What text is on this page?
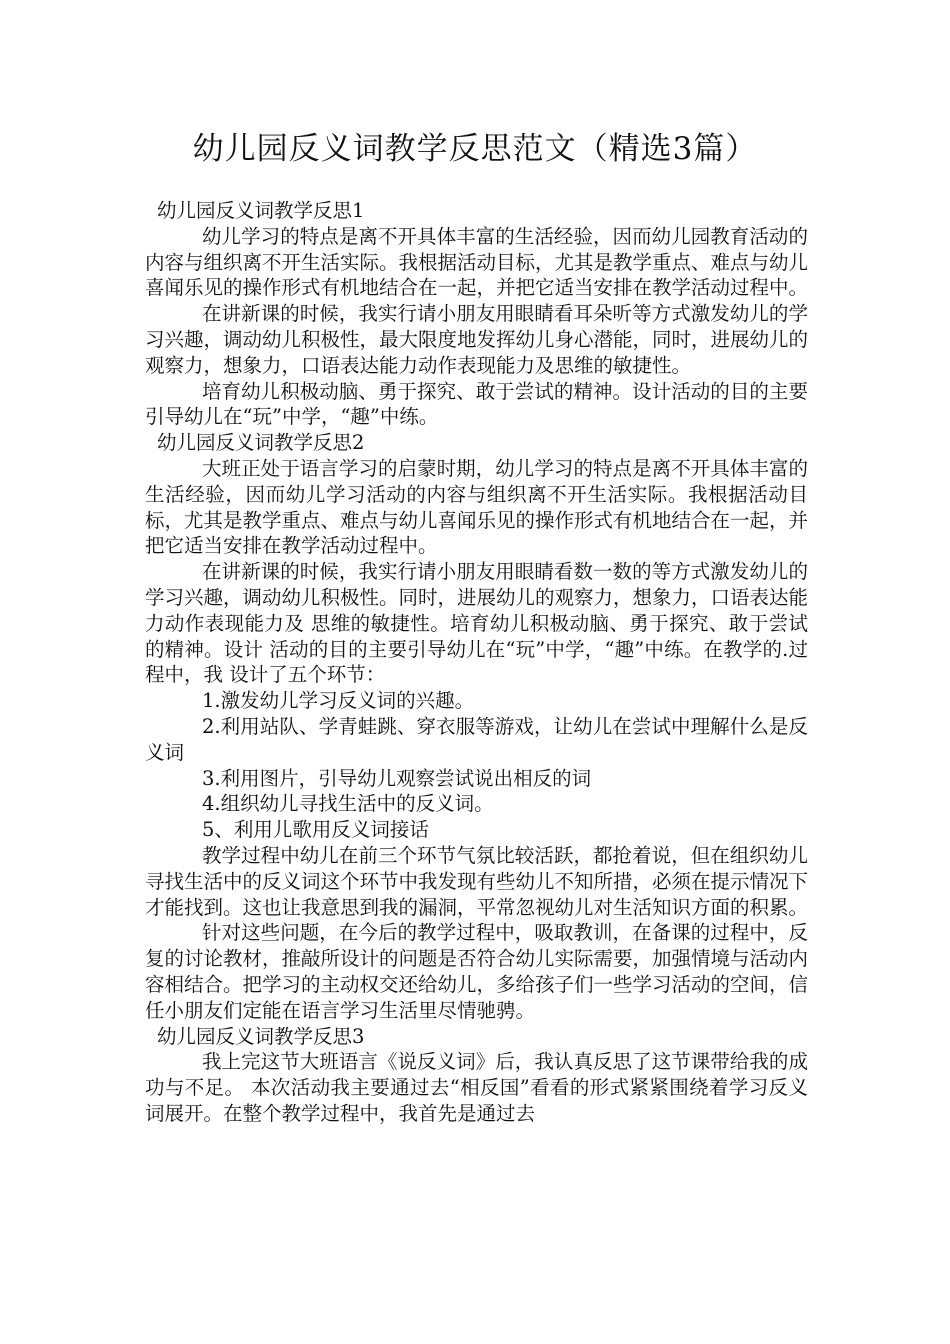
幼儿园反义词教学反思范文（精选3篇）

幼儿园反义词教学反思1

幼儿学习的特点是离不开具体丰富的生活经验，因而幼儿园教育活动的内容与组织离不开生活实际。我根据活动目标，尤其是教学重点、难点与幼儿喜闻乐见的操作形式有机地结合在一起，并把它适当安排在教学活动过程中。

在讲新课的时候，我实行请小朋友用眼睛看耳朵听等方式激发幼儿的学习兴趣，调动幼儿积极性，最大限度地发挥幼儿身心潜能，同时，进展幼儿的观察力，想象力，口语表达能力动作表现能力及思维的敏捷性。

培育幼儿积极动脑、勇于探究、敢于尝试的精神。设计活动的目的主要引导幼儿在“玩”中学，“趣”中练。

幼儿园反义词教学反思2

大班正处于语言学习的启蒙时期，幼儿学习的特点是离不开具体丰富的生活经验，因而幼儿学习活动的内容与组织离不开生活实际。我根据活动目标，尤其是教学重点、难点与幼儿喜闻乐见的操作形式有机地结合在一起，并把它适当安排在教学活动过程中。

在讲新课的时候，我实行请小朋友用眼睛看数一数的等方式激发幼儿的学习兴趣，调动幼儿积极性。同时，进展幼儿的观察力，想象力，口语表达能力动作表现能力及 思维的敏捷性。培育幼儿积极动脑、勇于探究、敢于尝试的精神。设计 活动的目的主要引导幼儿在“玩”中学，“趣”中练。在教学的.过程中，我 设计了五个环节：

1.激发幼儿学习反义词的兴趣。

2.利用站队、学青蛙跳、穿衣服等游戏，让幼儿在尝试中理解什么是反义词

3.利用图片，引导幼儿观察尝试说出相反的词

4.组织幼儿寻找生活中的反义词。

5、利用儿歌用反义词接话

教学过程中幼儿在前三个环节气氛比较活跃，都抢着说，但在组织幼儿寻找生活中的反义词这个环节中我发现有些幼儿不知所措，必须在提示情况下才能找到。这也让我意思到我的漏洞，平常忽视幼儿对生活知识方面的积累。

针对这些问题，在今后的教学过程中，吸取教训，在备课的过程中，反复的讨论教材，推敲所设计的问题是否符合幼儿实际需要，加强情境与活动内容相结合。把学习的主动权交还给幼儿，多给孩子们一些学习活动的空间，信任小朋友们定能在语言学习生活里尽情驰骋。

幼儿园反义词教学反思3

我上完这节大班语言《说反义词》后，我认真反思了这节课带给我的成功与不足。 本次活动我主要通过去“相反国”看看的形式紧紧围绕着学习反义词展开。在整个教学过程中，我首先是通过去
